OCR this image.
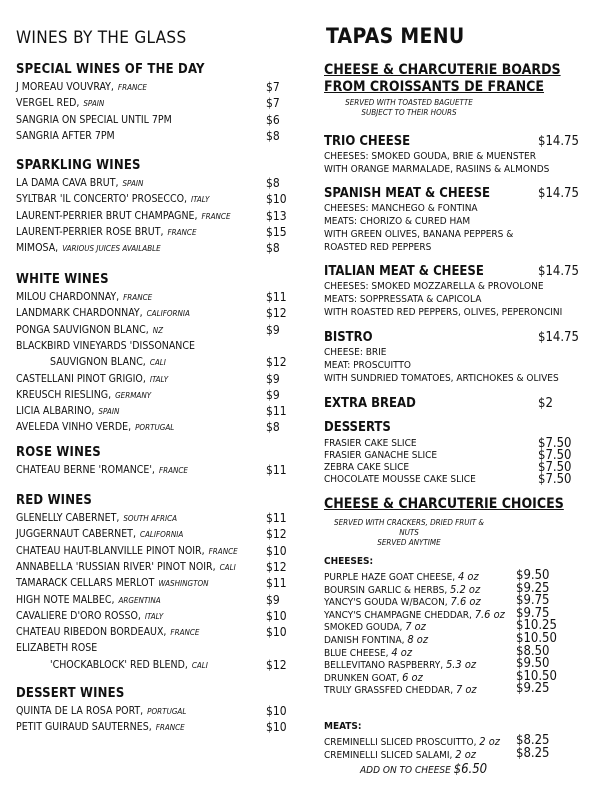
WINES BY THE GLASS
SPECIAL WINES OF THE DAY
J MOREAU VOUVRAY, FRANCE	$7
VERGEL RED, SPAIN	$7
SANGRIA ON SPECIAL UNTIL 7PM	$6
SANGRIA AFTER 7PM	$8
SPARKLING WINES
LA DAMA CAVA BRUT, SPAIN	$8
SYLTBAR 'IL CONCERTO' PROSECCO, ITALY	$10
LAURENT-PERRIER BRUT CHAMPAGNE, FRANCE	$13
LAURENT-PERRIER ROSE BRUT, FRANCE	$15
MIMOSA, VARIOUS JUICES AVAILABLE	$8
WHITE WINES
MILOU CHARDONNAY, FRANCE	$11
LANDMARK CHARDONNAY, CALIFORNIA	$12
PONGA SAUVIGNON BLANC, NZ	$9
BLACKBIRD VINEYARDS 'DISSONANCE
SAUVIGNON BLANC, CALI	$12
CASTELLANI PINOT GRIGIO, ITALY	$9
KREUSCH RIESLING, GERMANY	$9
LICIA ALBARINO, SPAIN	$11
AVELEDA VINHO VERDE, PORTUGAL	$8
ROSE WINES
CHATEAU BERNE 'ROMANCE', FRANCE	$11
RED WINES
GLENELLY CABERNET, SOUTH AFRICA	$11
JUGGERNAUT CABERNET, CALIFORNIA	$12
CHATEAU HAUT-BLANVILLE PINOT NOIR, FRANCE $10
ANNABELLA 'RUSSIAN RIVER' PINOT NOIR, CALI	$12
TAMARACK CELLARS MERLOT WASHINGTON	$11
HIGH NOTE MALBEC, ARGENTINA	$9
CAVALIERE D'ORO ROSSO, ITALY	$10
CHATEAU RIBEDON BORDEAUX, FRANCE	$10
ELIZABETH ROSE
'CHOCKABLOCK' RED BLEND, CALI	$12
DESSERT WINES
QUINTA DE LA ROSA PORT, PORTUGAL	$10
PETIT GUIRAUD SAUTERNES, FRANCE	$10
TAPAS MENU
CHEESE & CHARCUTERIE BOARDS
FROM CROISSANTS DE FRANCE
SERVED WITH TOASTED BAGUETTE
SUBJECT TO THEIR HOURS
TRIO CHEESE	$14.75
CHEESES: SMOKED GOUDA, BRIE & MUENSTER
WITH ORANGE MARMALADE, RASIINS & ALMONDS
SPANISH MEAT & CHEESE	$14.75
CHEESES: MANCHEGO & FONTINA
MEATS: CHORIZO & CURED HAM
WITH GREEN OLIVES, BANANA PEPPERS &
ROASTED RED PEPPERS
ITALIAN MEAT & CHEESE	$14.75
CHEESES: SMOKED MOZZARELLA & PROVOLONE
MEATS: SOPPRESSATA & CAPICOLA
WITH ROASTED RED PEPPERS, OLIVES, PEPERONCINI
BISTRO	$14.75
CHEESE: BRIE
MEAT: PROSCUITTO
WITH SUNDRIED TOMATOES, ARTICHOKES & OLIVES
EXTRA BREAD	$2
DESSERTS
FRASIER CAKE SLICE	$7.50
FRASIER GANACHE SLICE	$7.50
ZEBRA CAKE SLICE	$7.50
CHOCOLATE MOUSSE CAKE SLICE	$7.50
CHEESE & CHARCUTERIE CHOICES
SERVED WITH CRACKERS, DRIED FRUIT & NUTS
SERVED ANYTIME
CHEESES:
PURPLE HAZE GOAT CHEESE, 4 oz	$9.50
BOURSIN GARLIC & HERBS, 5.2 oz	$9.25
YANCY'S GOUDA W/BACON, 7.6 oz	$9.75
YANCY'S CHAMPAGNE CHEDDAR, 7.6 oz $9.75
SMOKED GOUDA, 7 oz	$10.25
DANISH FONTINA, 8 oz	$10.50
BLUE CHEESE, 4 oz	$8.50
BELLEVITANO RASPBERRY, 5.3 oz	$9.50
DRUNKEN GOAT, 6 oz	$10.50
TRULY GRASSFED CHEDDAR, 7 oz	$9.25
MEATS:
CREMINELLI SLICED PROSCUITTO, 2 oz $8.25
CREMINELLI SLICED SALAMI, 2 oz	$8.25
ADD ON TO CHEESE $6.50
